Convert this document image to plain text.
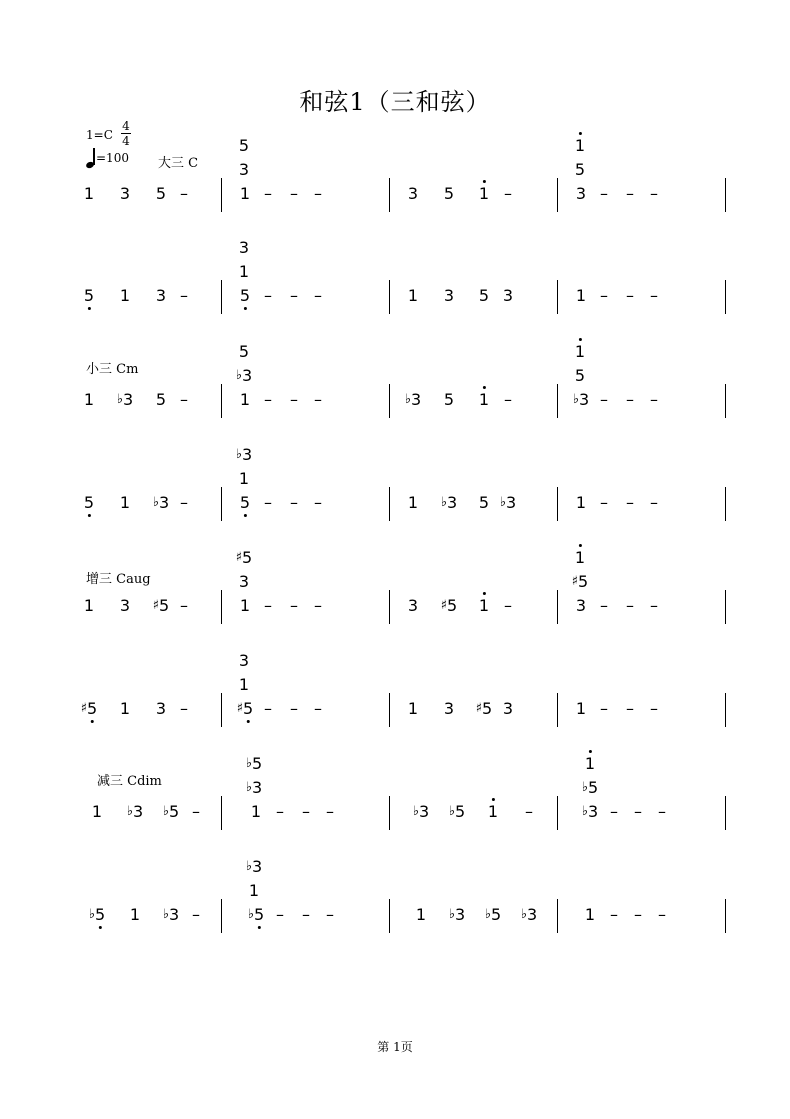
和弦1（三和弦）
1=C
4
4
=100 大三 C
小三 Cm
增三 Caug
减三 Cdim
1 3 5 –	1 – – –	3 5 1 –	3 – – –
5
3
1
5
5 1 3 –	5 – – –	1 3 5 3	1 – – –
3
1
1 ♭3 5 –	1 – – –	♭3 5 1 –	♭3 – – –
5
♭3
1
5
5 1 ♭3 –	5 – – –	1 ♭3 5 ♭3	1 – – –
♭3
1
1 3 ♯5 –	1 – – –	3 ♯5 1 –	3 – – –
♯5
3
1
♯5
♯5 1 3 –	♯5 – – –	1 3 ♯5 3	1 – – –
3
1
1 ♭3 ♭5 –	1 – – –	♭3 ♭5 1 –	♭3 – – –
♭5
♭3
1
♭5
♭5 1 ♭3 –	♭5 – – –	1 ♭3 ♭5 ♭3	1 – – –
♭3
1
第 1页
